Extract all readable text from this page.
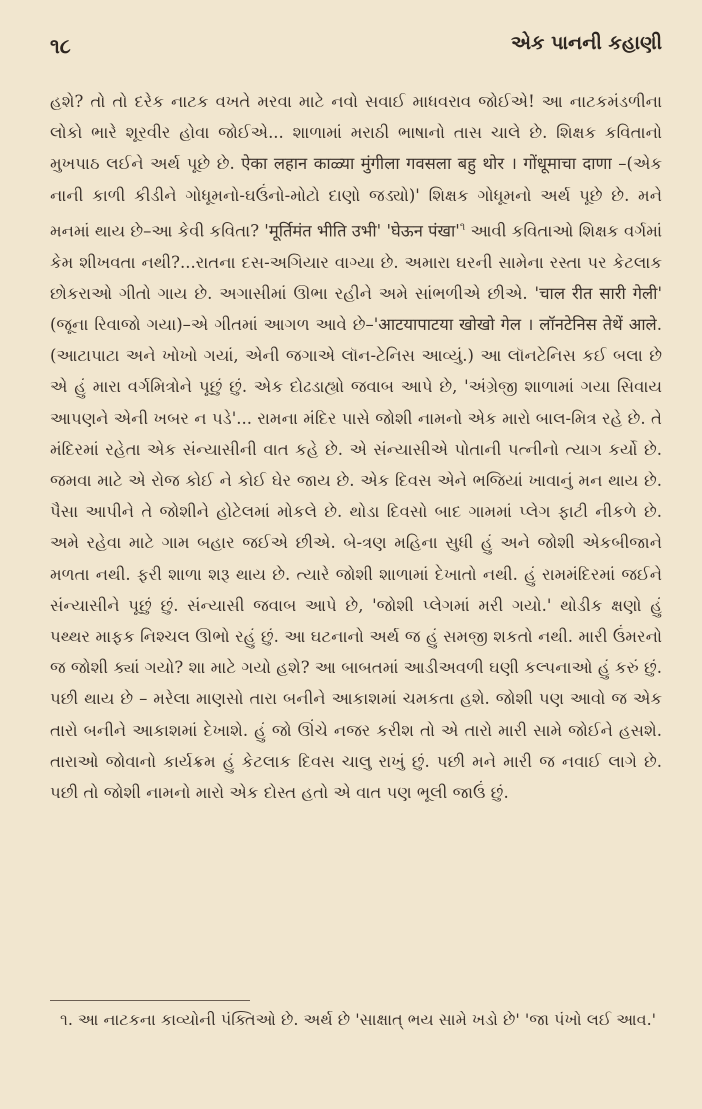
૧૮	એક પાનની કહાણી

હશે? તો તો દરેક નાટક વખતે મરવા માટે નવો સવાઈ માધવરાવ જોઈએ! આ નાટકમંડળીના લોકો ભારે શૂરવીર હોવા જોઈએ... શાળામાં મરાઠી ભાષાનો તાસ ચાલે છે. શિક્ષક કવિતાનો મુખપાઠ લઈને અર્થ પૂછે છે. ऐका लहान काळ्या मुंगीला गवसला बहु थोर । गोंधूमाचा दाणा –(એક નાની કાળી કીડીને ગોધૂમનો-ઘઉંનો-મોટો દાણો જડ્યો)' શિક્ષક ગોધૂમનો અર્થ પૂછે છે. મને મનમાં થાય છે–આ કેવી કવિતા? 'मूर्तिमंत भीति उभी' 'घेऊन पंखा'$^૧$ આવી કવિતાઓ શિક્ષક વર્ગમાં કેમ શીખવતા નથી?...રાતના દસ-અગિયાર વાગ્યા છે. અમારા ઘરની સામેના રસ્તા પર કેટલાક છોકરાઓ ગીતો ગાય છે. અગાસીમાં ઊભા રહીને અમે સાંભળીએ છીએ. 'चाल रीत सारी गेली' (જૂના રિવાજો ગયા)–એ ગીતમાં આગળ આવે છે–'आटयापाटया खोखो गेल । लॉनटेनिस तेथें आले. (આટાપાટા અને ખોખો ગયાં, એની જગાએ લૉન-ટેનિસ આવ્યું.) આ લૉનટેનિસ કઈ બલા છે એ હું મારા વર્ગમિત્રોને પૂછું છું. એક દોઢડાહ્યો જવાબ આપે છે, 'અંગ્રેજી શાળામાં ગયા સિવાય આપણને એની ખબર ન પડે'... રામના મંદિર પાસે જોશી નામનો એક મારો બાલ-મિત્ર રહે છે. તે મંદિરમાં રહેતા એક સંન્યાસીની વાત કહે છે. એ સંન્યાસીએ પોતાની પત્નીનો ત્યાગ કર્યો છે. જમવા માટે એ રોજ કોઈ ને કોઈ ઘેર જાય છે. એક દિવસ એને ભજિયાં ખાવાનું મન થાય છે. પૈસા આપીને તે જોશીને હોટેલમાં મોકલે છે. થોડા દિવસો બાદ ગામમાં પ્લેગ ફાટી નીકળે છે. અમે રહેવા માટે ગામ બહાર જઈએ છીએ. બે-ત્રણ મહિના સુધી હું અને જોશી એકબીજાને મળતા નથી. ફરી શાળા શરૂ થાય છે. ત્યારે જોશી શાળામાં દેખાતો નથી. હું રામમંદિરમાં જઈને સંન્યાસીને પૂછું છું. સંન્યાસી જવાબ આપે છે, 'જોશી પ્લેગમાં મરી ગયો.' થોડીક ક્ષણો હું પથ્થર માફક નિશ્ચલ ઊભો રહું છું. આ ઘટનાનો અર્થ જ હું સમજી શકતો નથી. મારી ઉંમરનો જ જોશી ક્યાં ગયો? શા માટે ગયો હશે? આ બાબતમાં આડીઅવળી ઘણી કલ્પનાઓ હું કરું છું. પછી થાય છે – મરેલા માણસો તારા બનીને આકાશમાં ચમકતા હશે. જોશી પણ આવો જ એક તારો બનીને આકાશમાં દેખાશે. હું જો ઊંચે નજર કરીશ તો એ તારો મારી સામે જોઈને હસશે. તારાઓ જોવાનો કાર્યક્રમ હું કેટલાક દિવસ ચાલુ રાખું છું. પછી મને મારી જ નવાઈ લાગે છે. પછી તો જોશી નામનો મારો એક દોસ્ત હતો એ વાત પણ ભૂલી જાઉં છું.

૧. આ નાટકના કાવ્યોની પંક્તિઓ છે. અર્થ છે 'સાક્ષાત્ ભય સામે ખડો છે' 'જા પંખો લઈ આવ.'
